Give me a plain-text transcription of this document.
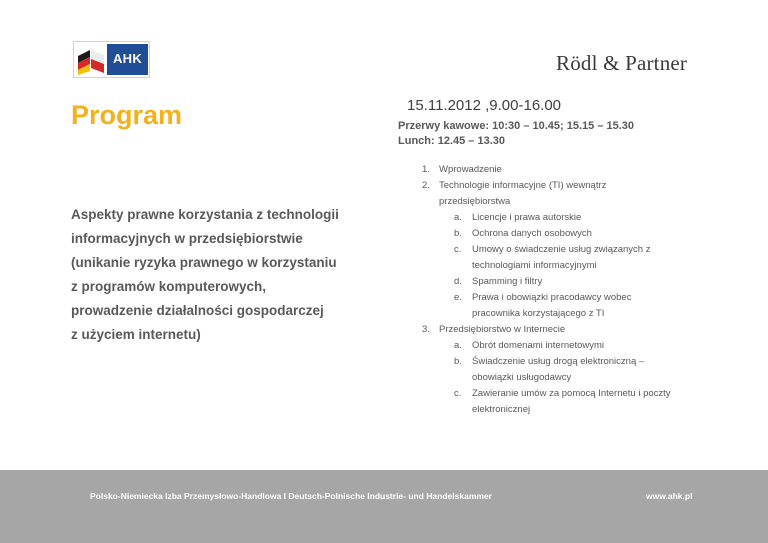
AHK	Rödl & Partner
Program	15.11.2012 ,9.00-16.00
Przerwy kawowe: 10:30 – 10.45; 15.15 – 15.30
Lunch: 12.45 – 13.30
Aspekty prawne korzystania z technologii
informacyjnych w przedsiębiorstwie
(unikanie ryzyka prawnego w korzystaniu
z programów komputerowych,
prowadzenie działalności gospodarczej
z użyciem internetu)
1. Wprowadzenie
2. Technologie informacyjne (TI) wewnątrz
przedsiębiorstwa
a. Licencje i prawa autorskie
b. Ochrona danych osobowych
c. Umowy o świadczenie usług związanych z
technologiami informacyjnymi
d. Spamming i filtry
e. Prawa i obowiązki pracodawcy wobec
pracownika korzystającego z TI
3. Przedsiębiorstwo w Internecie
a. Obrót domenami internetowymi
b. Świadczenie usług drogą elektroniczną –
obowiązki usługodawcy
c. Zawieranie umów za pomocą Internetu i poczty
elektronicznej
Polsko-Niemiecka Izba Przemysłowo-Handlowa I Deutsch-Polnische Industrie- und Handelskammer	www.ahk.pl
